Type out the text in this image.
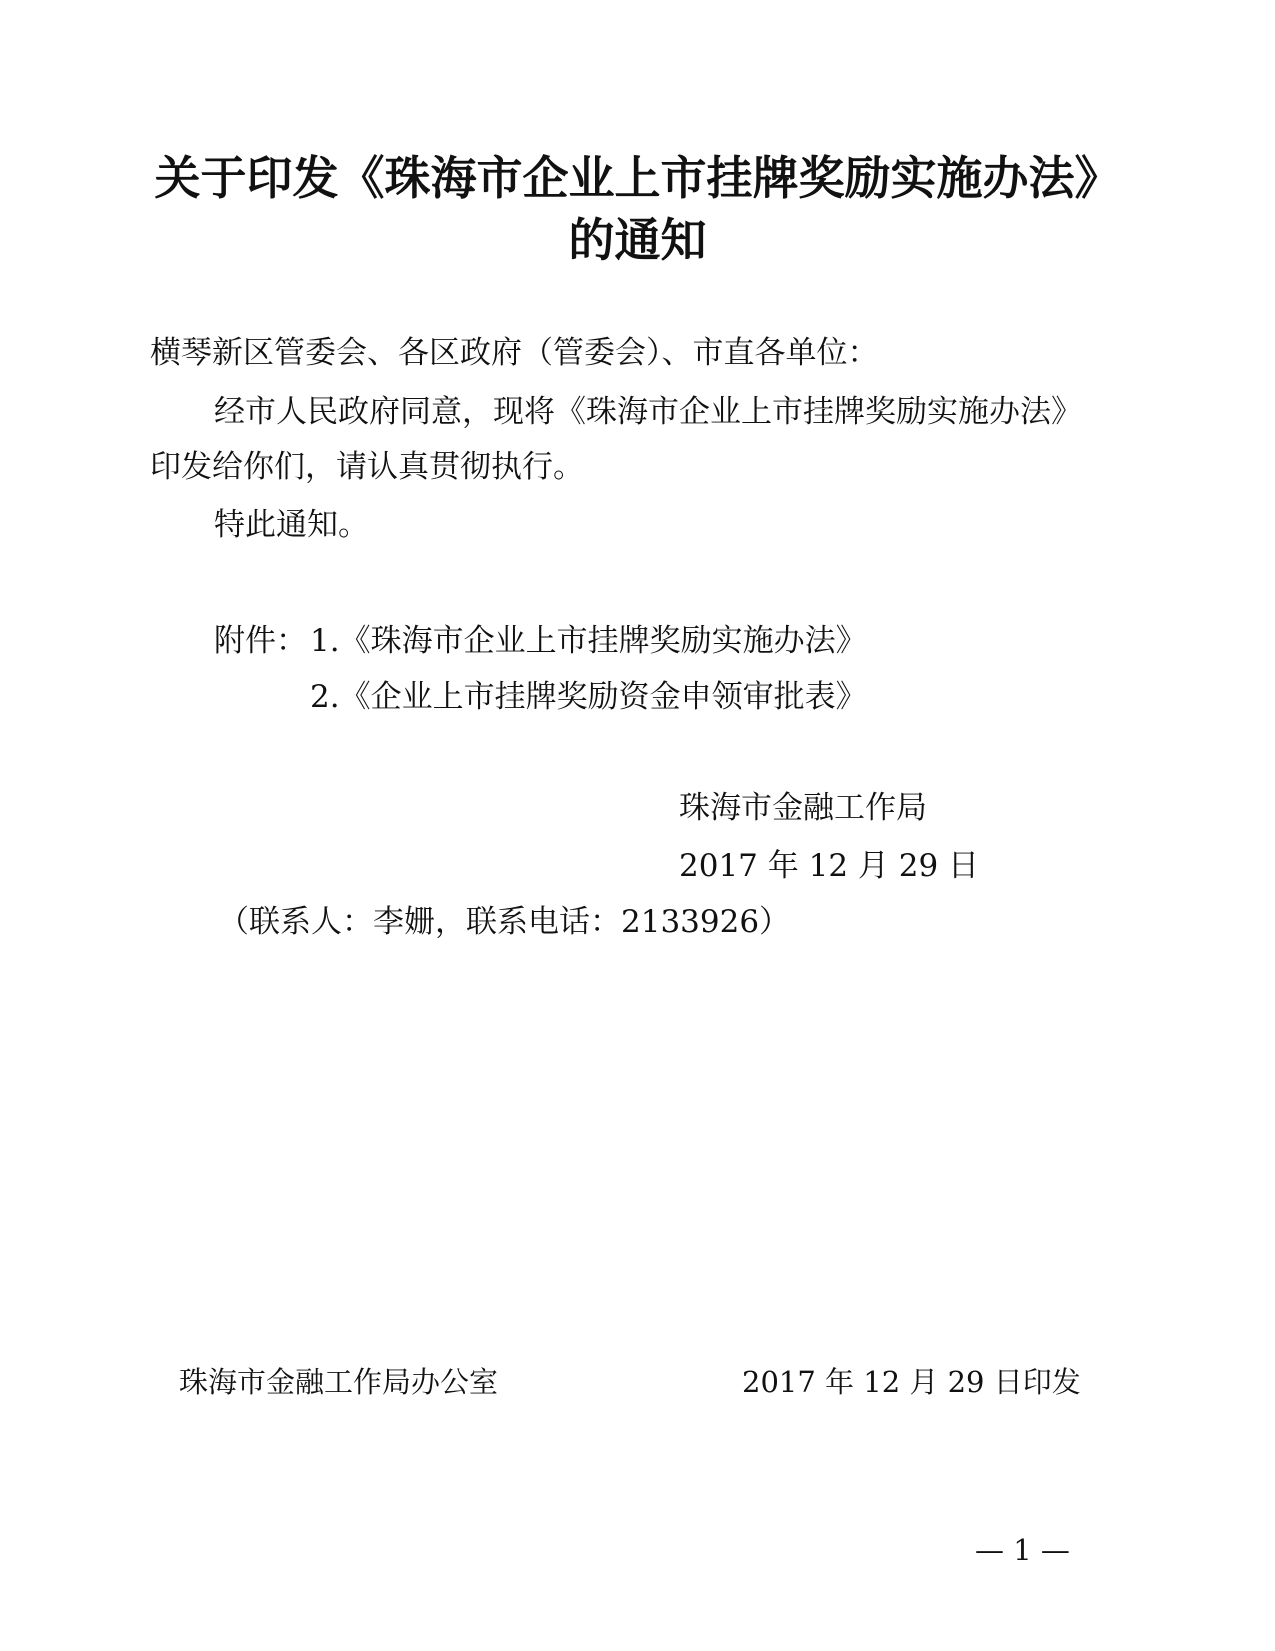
关于印发《珠海市企业上市挂牌奖励实施办法》
的通知
横琴新区管委会、各区政府（管委会）、市直各单位：
经市人民政府同意，现将《珠海市企业上市挂牌奖励实施办法》
印发给你们，请认真贯彻执行。
特此通知。
附件： 1.《珠海市企业上市挂牌奖励实施办法》
2.《企业上市挂牌奖励资金申领审批表》
珠海市金融工作局
2017 年 12 月 29 日
（联系人：李姗，联系电话：2133926）
珠海市金融工作局办公室	2017 年 12 月 29 日印发
— 1 —
